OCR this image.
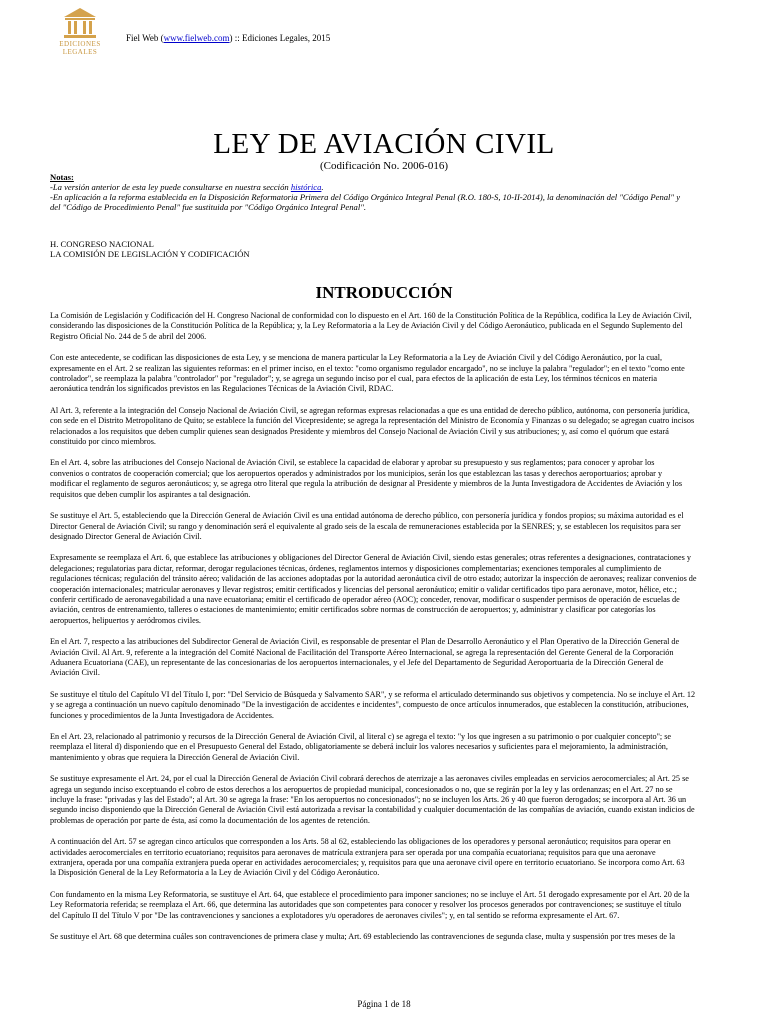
EDICIONES
LEGALES
Fiel Web (www.fielweb.com) :: Ediciones Legales, 2015
LEY DE AVIACIÓN CIVIL
(Codificación No. 2006-016)
Notas:
-La versión anterior de esta ley puede consultarse en nuestra sección histórica.
-En aplicación a la reforma establecida en la Disposición Reformatoria Primera del Código Orgánico Integral Penal (R.O. 180-S, 10-II-2014), la denominación del "Código Penal" y
del "Código de Procedimiento Penal" fue sustituida por "Código Orgánico Integral Penal".
H. CONGRESO NACIONAL
LA COMISIÓN DE LEGISLACIÓN Y CODIFICACIÓN
INTRODUCCIÓN

La Comisión de Legislación y Codificación del H. Congreso Nacional de conformidad con lo dispuesto en el Art. 160 de la Constitución Política de la República, codifica la Ley de Aviación Civil,
considerando las disposiciones de la Constitución Política de la República; y, la Ley Reformatoria a la Ley de Aviación Civil y del Código Aeronáutico, publicada en el Segundo Suplemento del
Registro Oficial No. 244 de 5 de abril del 2006.

Con este antecedente, se codifican las disposiciones de esta Ley, y se menciona de manera particular la Ley Reformatoria a la Ley de Aviación Civil y del Código Aeronáutico, por la cual,
expresamente en el Art. 2 se realizan las siguientes reformas: en el primer inciso, en el texto: "como organismo regulador encargado", no se incluye la palabra "regulador"; en el texto "como ente
controlador", se reemplaza la palabra "controlador" por "regulador"; y, se agrega un segundo inciso por el cual, para efectos de la aplicación de esta Ley, los términos técnicos en materia
aeronáutica tendrán los significados previstos en las Regulaciones Técnicas de la Aviación Civil, RDAC.

Al Art. 3, referente a la integración del Consejo Nacional de Aviación Civil, se agregan reformas expresas relacionadas a que es una entidad de derecho público, autónoma, con personería jurídica,
con sede en el Distrito Metropolitano de Quito; se establece la función del Vicepresidente; se agrega la representación del Ministro de Economía y Finanzas o su delegado; se agregan cuatro incisos
relacionados a los requisitos que deben cumplir quienes sean designados Presidente y miembros del Consejo Nacional de Aviación Civil y sus atribuciones; y, así como el quórum que estará
constituido por cinco miembros.

En el Art. 4, sobre las atribuciones del Consejo Nacional de Aviación Civil, se establece la capacidad de elaborar y aprobar su presupuesto y sus reglamentos; para conocer y aprobar los
convenios o contratos de cooperación comercial; que los aeropuertos operados y administrados por los municipios, serán los que establezcan las tasas y derechos aeroportuarios; aprobar y
modificar el reglamento de seguros aeronáuticos; y, se agrega otro literal que regula la atribución de designar al Presidente y miembros de la Junta Investigadora de Accidentes de Aviación y los
requisitos que deben cumplir los aspirantes a tal designación.

Se sustituye el Art. 5, estableciendo que la Dirección General de Aviación Civil es una entidad autónoma de derecho público, con personería jurídica y fondos propios; su máxima autoridad es el
Director General de Aviación Civil; su rango y denominación será el equivalente al grado seis de la escala de remuneraciones establecida por la SENRES; y, se establecen los requisitos para ser
designado Director General de Aviación Civil.

Expresamente se reemplaza el Art. 6, que establece las atribuciones y obligaciones del Director General de Aviación Civil, siendo estas generales; otras referentes a designaciones, contrataciones y
delegaciones; regulatorias para dictar, reformar, derogar regulaciones técnicas, órdenes, reglamentos internos y disposiciones complementarias; exenciones temporales al cumplimiento de
regulaciones técnicas; regulación del tránsito aéreo; validación de las acciones adoptadas por la autoridad aeronáutica civil de otro estado; autorizar la inspección de aeronaves; realizar convenios de
cooperación internacionales; matricular aeronaves y llevar registros; emitir certificados y licencias del personal aeronáutico; emitir o validar certificados tipo para aeronave, motor, hélice, etc.;
conferir certificado de aeronavegabilidad a una nave ecuatoriana; emitir el certificado de operador aéreo (AOC); conceder, renovar, modificar o suspender permisos de operación de escuelas de
aviación, centros de entrenamiento, talleres o estaciones de mantenimiento; emitir certificados sobre normas de construcción de aeropuertos; y, administrar y clasificar por categorías los
aeropuertos, helipuertos y aeródromos civiles.

En el Art. 7, respecto a las atribuciones del Subdirector General de Aviación Civil, es responsable de presentar el Plan de Desarrollo Aeronáutico y el Plan Operativo de la Dirección General de
Aviación Civil. Al Art. 9, referente a la integración del Comité Nacional de Facilitación del Transporte Aéreo Internacional, se agrega la representación del Gerente General de la Corporación
Aduanera Ecuatoriana (CAE), un representante de las concesionarias de los aeropuertos internacionales, y el Jefe del Departamento de Seguridad Aeroportuaria de la Dirección General de
Aviación Civil.

Se sustituye el título del Capítulo VI del Título I, por: "Del Servicio de Búsqueda y Salvamento SAR", y se reforma el articulado determinando sus objetivos y competencia. No se incluye el Art. 12
y se agrega a continuación un nuevo capítulo denominado "De la investigación de accidentes e incidentes", compuesto de once artículos innumerados, que establecen la constitución, atribuciones,
funciones y procedimientos de la Junta Investigadora de Accidentes.

En el Art. 23, relacionado al patrimonio y recursos de la Dirección General de Aviación Civil, al literal c) se agrega el texto: "y los que ingresen a su patrimonio o por cualquier concepto"; se
reemplaza el literal d) disponiendo que en el Presupuesto General del Estado, obligatoriamente se deberá incluir los valores necesarios y suficientes para el mejoramiento, la administración,
mantenimiento y obras que requiera la Dirección General de Aviación Civil.

Se sustituye expresamente el Art. 24, por el cual la Dirección General de Aviación Civil cobrará derechos de aterrizaje a las aeronaves civiles empleadas en servicios aerocomerciales; al Art. 25 se
agrega un segundo inciso exceptuando el cobro de estos derechos a los aeropuertos de propiedad municipal, concesionados o no, que se regirán por la ley y las ordenanzas; en el Art. 27 no se
incluye la frase: "privadas y las del Estado"; al Art. 30 se agrega la frase: "En los aeropuertos no concesionados"; no se incluyen los Arts. 26 y 40 que fueron derogados; se incorpora al Art. 36 un
segundo inciso disponiendo que la Dirección General de Aviación Civil está autorizada a revisar la contabilidad y cualquier documentación de las compañías de aviación, cuando existan indicios de
problemas de operación por parte de ésta, así como la documentación de los agentes de retención.

A continuación del Art. 57 se agregan cinco artículos que corresponden a los Arts. 58 al 62, estableciendo las obligaciones de los operadores y personal aeronáutico; requisitos para operar en
actividades aerocomerciales en territorio ecuatoriano; requisitos para aeronaves de matrícula extranjera para ser operada por una compañía ecuatoriana; requisitos para que una aeronave
extranjera, operada por una compañía extranjera pueda operar en actividades aerocomerciales; y, requisitos para que una aeronave civil opere en territorio ecuatoriano. Se incorpora como Art. 63
la Disposición General de la Ley Reformatoria a la Ley de Aviación Civil y del Código Aeronáutico.

Con fundamento en la misma Ley Reformatoria, se sustituye el Art. 64, que establece el procedimiento para imponer sanciones; no se incluye el Art. 51 derogado expresamente por el Art. 20 de la
Ley Reformatoria referida; se reemplaza el Art. 66, que determina las autoridades que son competentes para conocer y resolver los procesos generados por contravenciones; se sustituye el título
del Capítulo II del Título V por "De las contravenciones y sanciones a explotadores y/u operadores de aeronaves civiles"; y, en tal sentido se reforma expresamente el Art. 67.

Se sustituye el Art. 68 que determina cuáles son contravenciones de primera clase y multa; Art. 69 estableciendo las contravenciones de segunda clase, multa y suspensión por tres meses de la

Página 1 de 18
